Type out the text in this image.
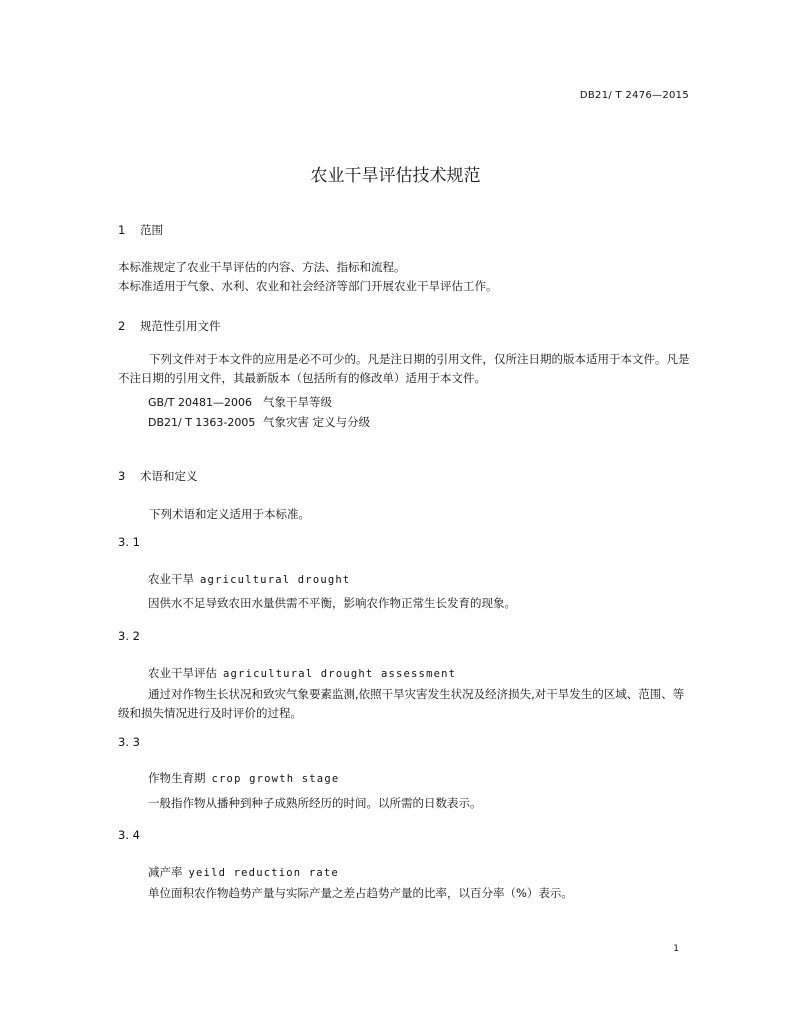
DB21/ T 2476—2015
农业干旱评估技术规范
1 范围
本标准规定了农业干旱评估的内容、方法、指标和流程。
本标准适用于气象、水利、农业和社会经济等部门开展农业干旱评估工作。
2 规范性引用文件
下列文件对于本文件的应用是必不可少的。凡是注日期的引用文件，仅所注日期的版本适用于本文件。凡是不注日期的引用文件，其最新版本（包括所有的修改单）适用于本文件。
GB/T 20481—2006 气象干旱等级
DB21/ T 1363-2005 气象灾害 定义与分级
3 术语和定义
下列术语和定义适用于本标准。
3. 1
农业干旱 agricultural drought
因供水不足导致农田水量供需不平衡，影响农作物正常生长发育的现象。
3. 2
农业干旱评估 agricultural drought assessment
通过对作物生长状况和致灾气象要素监测,依照干旱灾害发生状况及经济损失,对干旱发生的区域、范围、等级和损失情况进行及时评价的过程。
3. 3
作物生育期 crop growth stage
一般指作物从播种到种子成熟所经历的时间。以所需的日数表示。
3. 4
减产率 yeild reduction rate
单位面积农作物趋势产量与实际产量之差占趋势产量的比率，以百分率（%）表示。
1
